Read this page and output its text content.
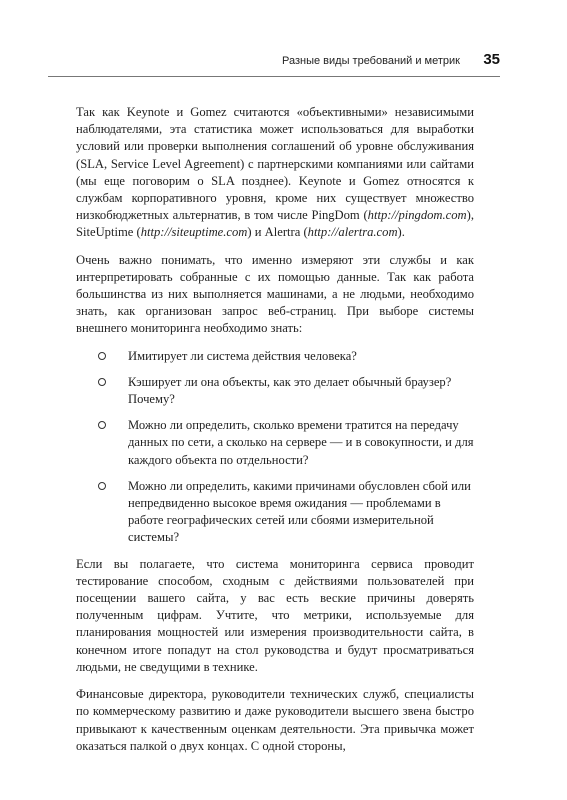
Разные виды требований и метрик 35

Так как Keynote и Gomez считаются «объективными» независимыми наблюдателями, эта статистика может использоваться для выработки условий или проверки выполнения соглашений об уровне обслуживания (SLA, Service Level Agreement) с партнерскими компаниями или сайтами (мы еще поговорим о SLA позднее). Keynote и Gomez относятся к службам корпоративного уровня, кроме них существует множество низкобюджетных альтернатив, в том числе PingDom (http://pingdom.com), SiteUptime (http://siteuptime.com) и Alertra (http://alertra.com).

Очень важно понимать, что именно измеряют эти службы и как интерпретировать собранные с их помощью данные. Так как работа большинства из них выполняется машинами, а не людьми, необходимо знать, как организован запрос веб-страниц. При выборе системы внешнего мониторинга необходимо знать:

Имитирует ли система действия человека?
Кэширует ли она объекты, как это делает обычный браузер? Почему?
Можно ли определить, сколько времени тратится на передачу данных по сети, а сколько на сервере — и в совокупности, и для каждого объекта по отдельности?
Можно ли определить, какими причинами обусловлен сбой или непредвиденно высокое время ожидания — проблемами в работе географических сетей или сбоями измерительной системы?

Если вы полагаете, что система мониторинга сервиса проводит тестирование способом, сходным с действиями пользователей при посещении вашего сайта, у вас есть веские причины доверять полученным цифрам. Учтите, что метрики, используемые для планирования мощностей или измерения производительности сайта, в конечном итоге попадут на стол руководства и будут просматриваться людьми, не сведущими в технике.

Финансовые директора, руководители технических служб, специалисты по коммерческому развитию и даже руководители высшего звена быстро привыкают к качественным оценкам деятельности. Эта привычка может оказаться палкой о двух концах. С одной стороны,
